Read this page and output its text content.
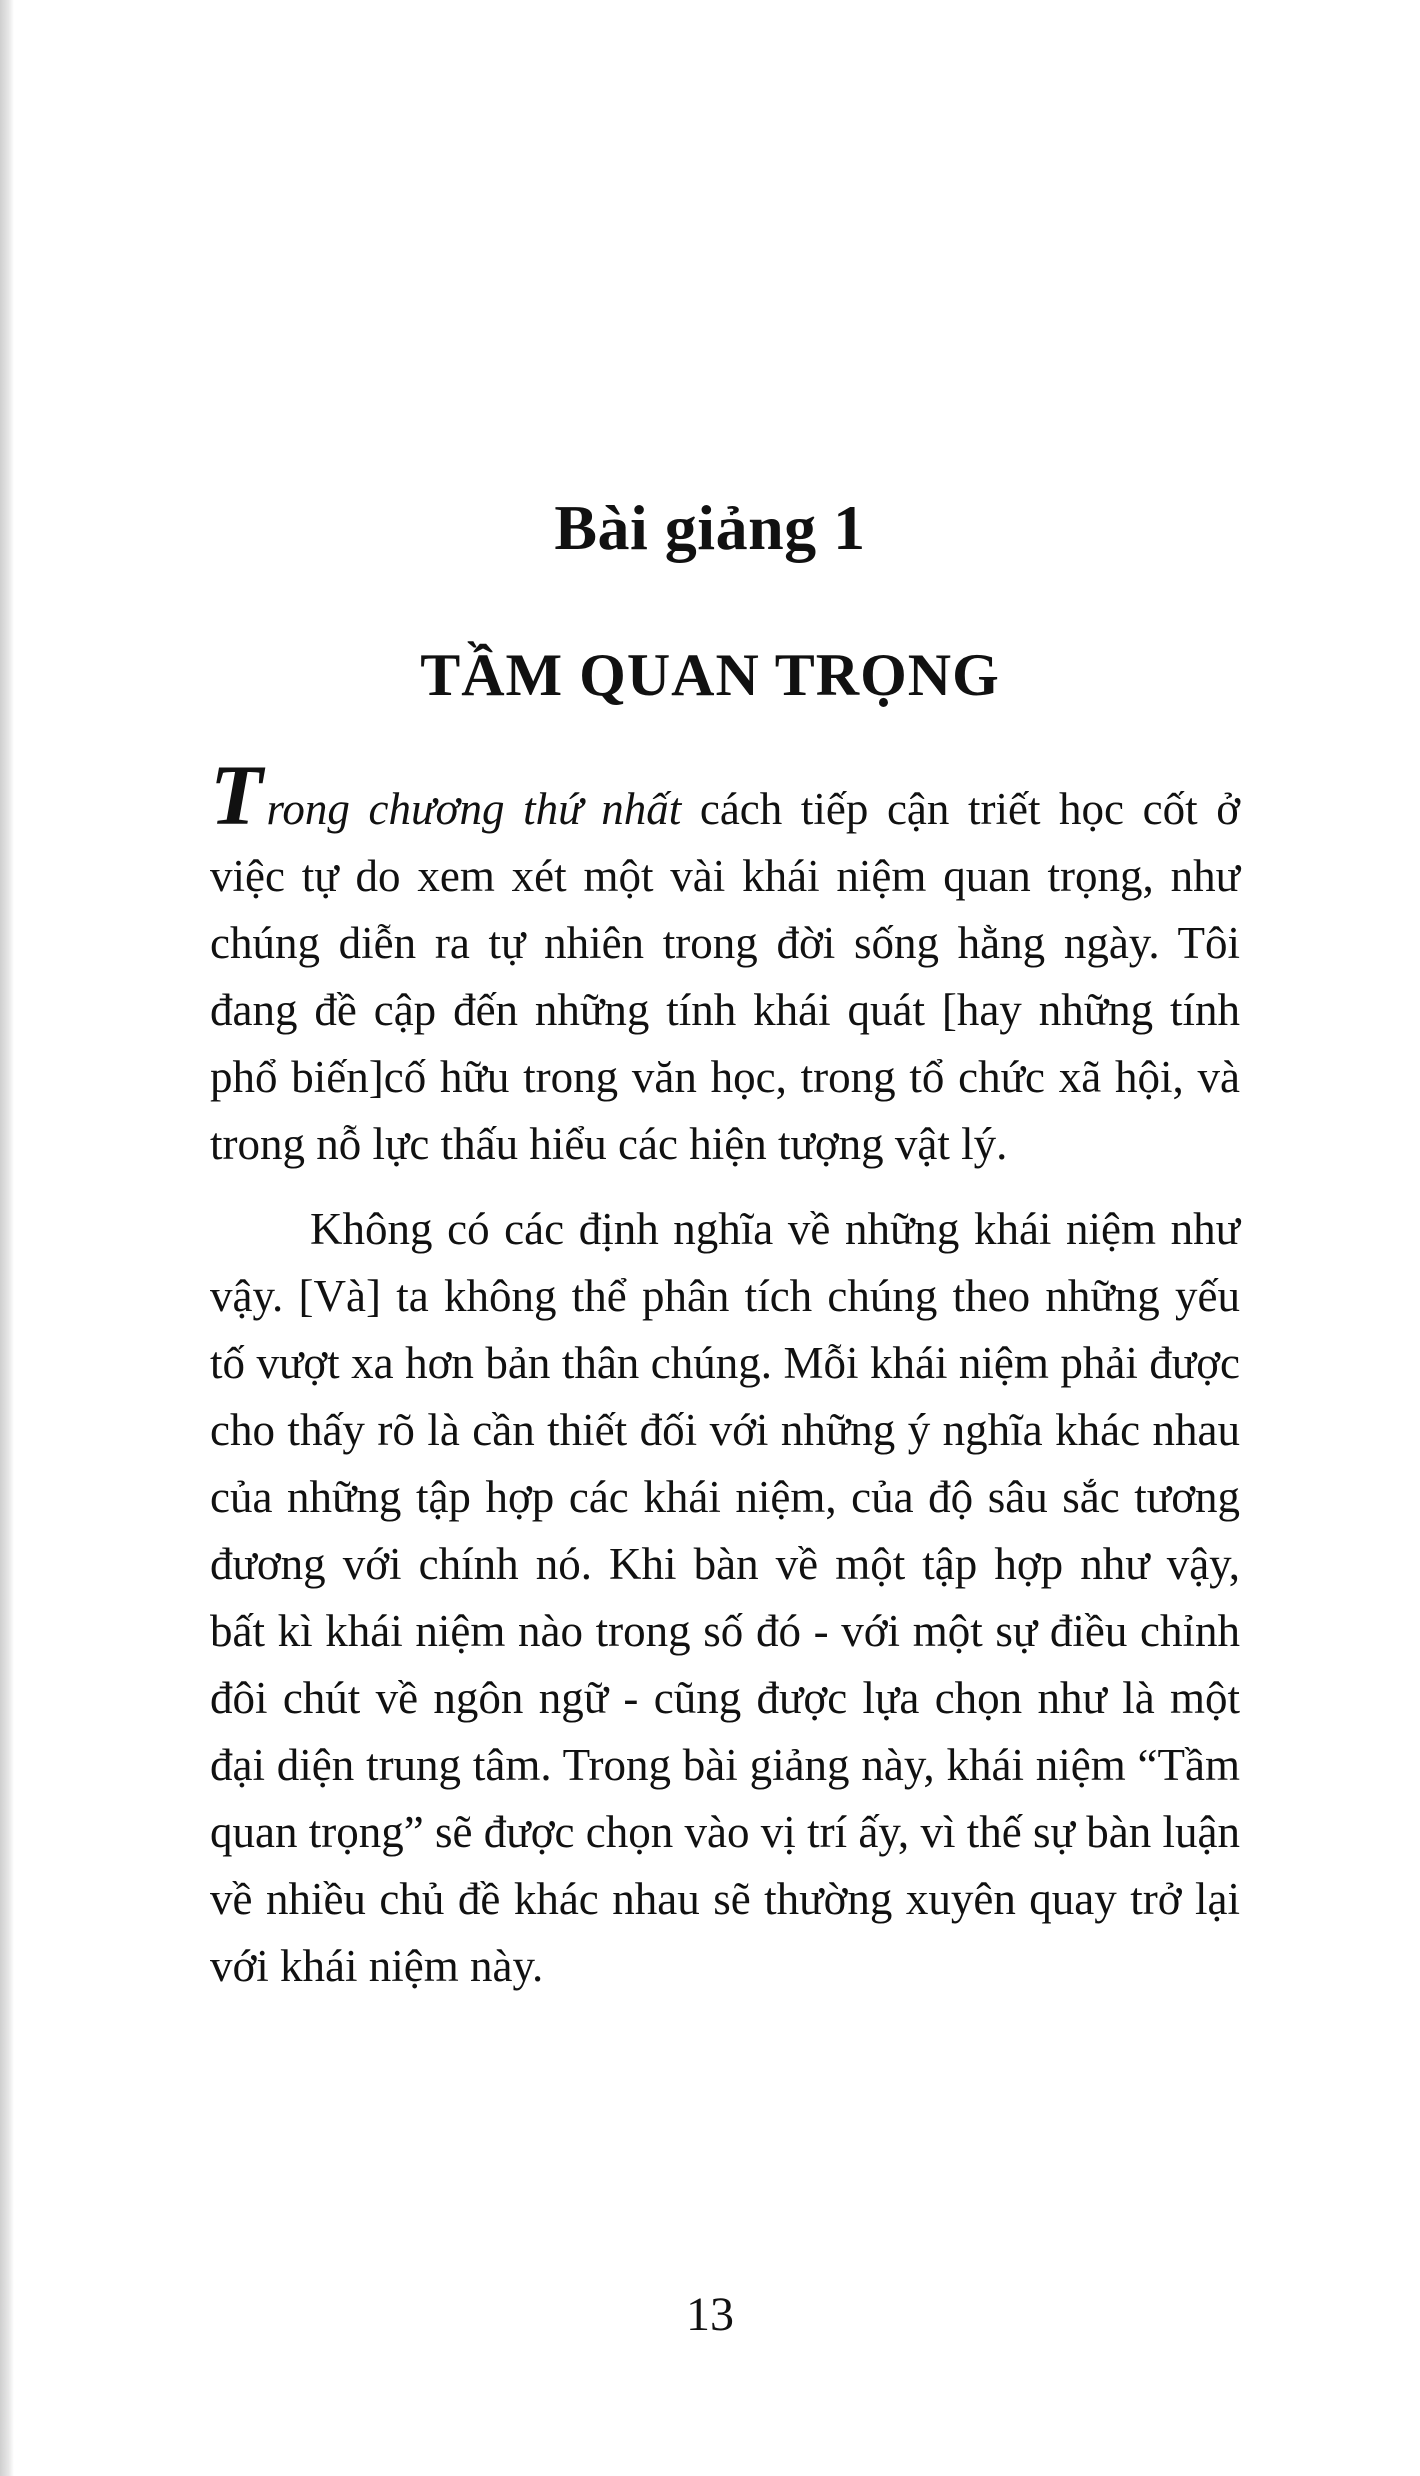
Bài giảng 1
TẦM QUAN TRỌNG

Trong chương thứ nhất cách tiếp cận triết học cốt ở việc tự do xem xét một vài khái niệm quan trọng, như chúng diễn ra tự nhiên trong đời sống hằng ngày. Tôi đang đề cập đến những tính khái quát [hay những tính phổ biến]cố hữu trong văn học, trong tổ chức xã hội, và trong nỗ lực thấu hiểu các hiện tượng vật lý.

Không có các định nghĩa về những khái niệm như vậy. [Và] ta không thể phân tích chúng theo những yếu tố vượt xa hơn bản thân chúng. Mỗi khái niệm phải được cho thấy rõ là cần thiết đối với những ý nghĩa khác nhau của những tập hợp các khái niệm, của độ sâu sắc tương đương với chính nó. Khi bàn về một tập hợp như vậy, bất kì khái niệm nào trong số đó - với một sự điều chỉnh đôi chút về ngôn ngữ - cũng được lựa chọn như là một đại diện trung tâm. Trong bài giảng này, khái niệm “Tầm quan trọng” sẽ được chọn vào vị trí ấy, vì thế sự bàn luận về nhiều chủ đề khác nhau sẽ thường xuyên quay trở lại với khái niệm này.

13
